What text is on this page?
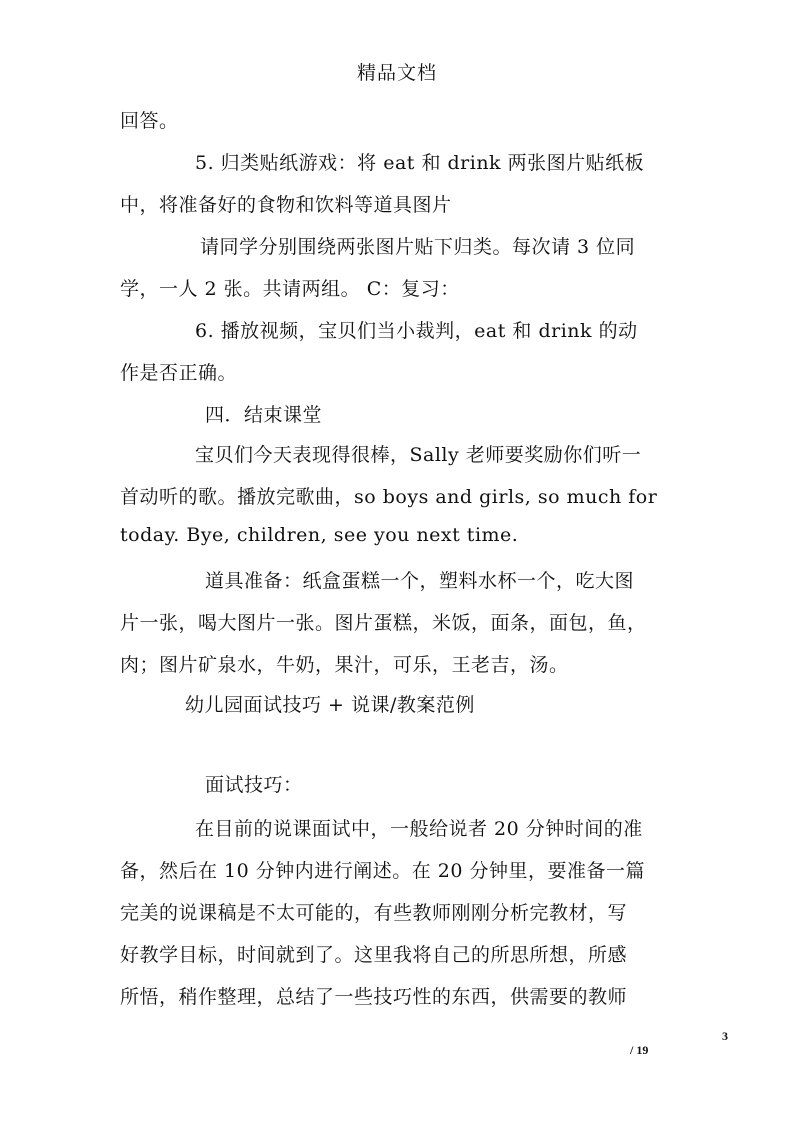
精品文档
回答。
5. 归类贴纸游戏：将 eat 和 drink 两张图片贴纸板
中，将准备好的食物和饮料等道具图片
请同学分别围绕两张图片贴下归类。每次请 3 位同
学，一人 2 张。共请两组。 C：复习：
6. 播放视频，宝贝们当小裁判，eat 和 drink 的动
作是否正确。
四．结束课堂
宝贝们今天表现得很棒，Sally 老师要奖励你们听一
首动听的歌。播放完歌曲，so boys and girls, so much for
today. Bye, children, see you next time.
道具准备：纸盒蛋糕一个，塑料水杯一个，吃大图
片一张，喝大图片一张。图片蛋糕，米饭，面条，面包，鱼，
肉；图片矿泉水，牛奶，果汁，可乐，王老吉，汤。
幼儿园面试技巧 + 说课/教案范例
面试技巧：
在目前的说课面试中，一般给说者 20 分钟时间的准
备，然后在 10 分钟内进行阐述。在 20 分钟里，要准备一篇
完美的说课稿是不太可能的，有些教师刚刚分析完教材，写
好教学目标，时间就到了。这里我将自己的所思所想，所感
所悟，稍作整理，总结了一些技巧性的东西，供需要的教师
3
/ 19
